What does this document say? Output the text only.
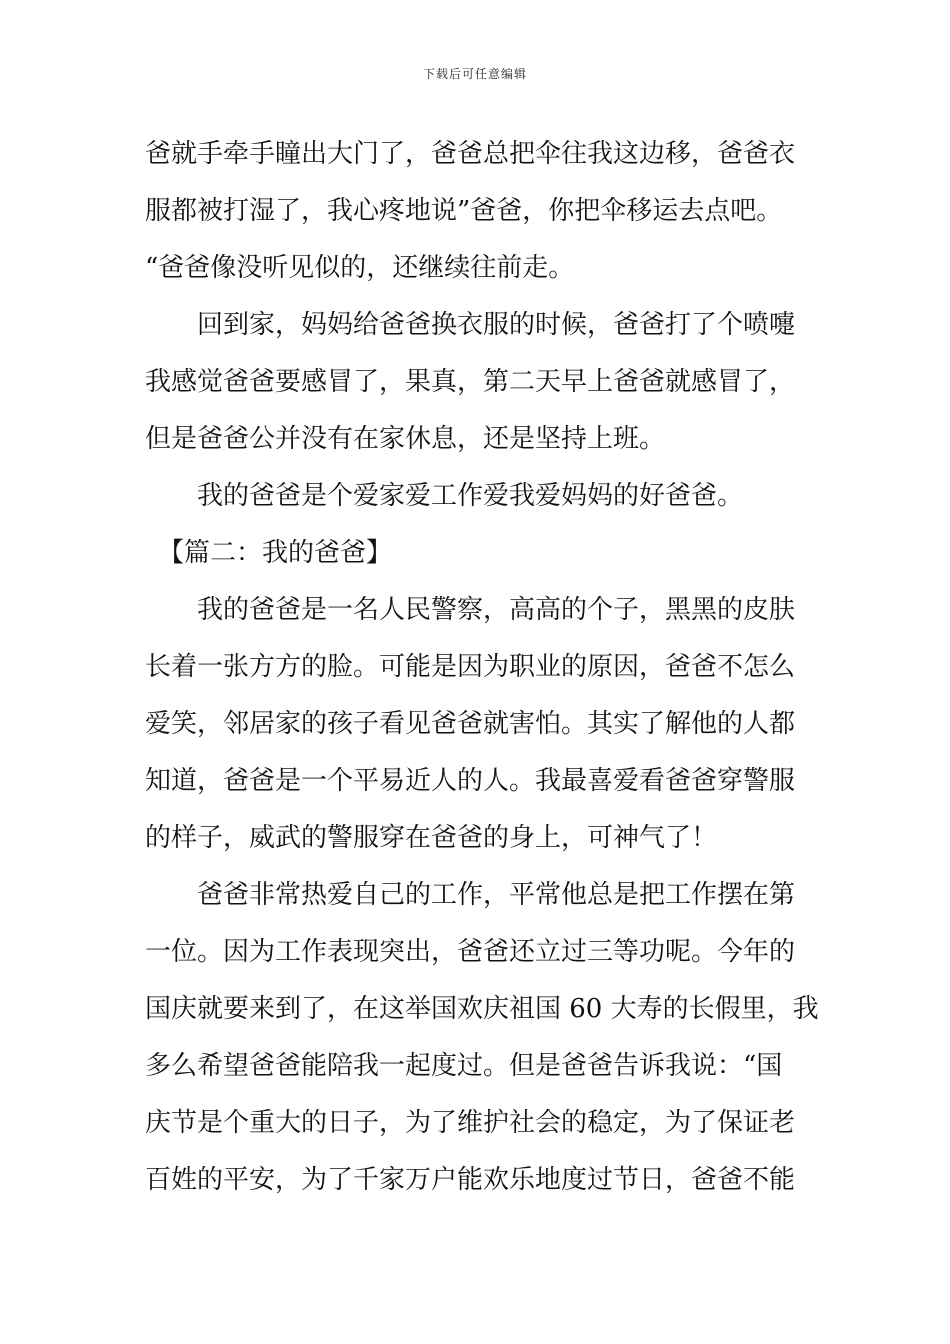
下载后可任意编辑
爸就手牵手瞳出大门了，爸爸总把伞往我这边移，爸爸衣
服都被打湿了，我心疼地说”爸爸，你把伞移运去点吧。
“爸爸像没听见似的，还继续往前走。
　　回到家，妈妈给爸爸换衣服的时候，爸爸打了个喷嚏
我感觉爸爸要感冒了，果真，第二天早上爸爸就感冒了，
但是爸爸公并没有在家休息，还是坚持上班。
　　我的爸爸是个爱家爱工作爱我爱妈妈的好爸爸。
　【篇二：我的爸爸】
　　我的爸爸是一名人民警察，高高的个子，黑黑的皮肤
长着一张方方的脸。可能是因为职业的原因，爸爸不怎么
爱笑，邻居家的孩子看见爸爸就害怕。其实了解他的人都
知道，爸爸是一个平易近人的人。我最喜爱看爸爸穿警服
的样子，威武的警服穿在爸爸的身上，可神气了！
　　爸爸非常热爱自己的工作，平常他总是把工作摆在第
一位。因为工作表现突出，爸爸还立过三等功呢。今年的
国庆就要来到了，在这举国欢庆祖国 60 大寿的长假里，我
多么希望爸爸能陪我一起度过。但是爸爸告诉我说：“国
庆节是个重大的日子，为了维护社会的稳定，为了保证老
百姓的平安，为了千家万户能欢乐地度过节日，爸爸不能
